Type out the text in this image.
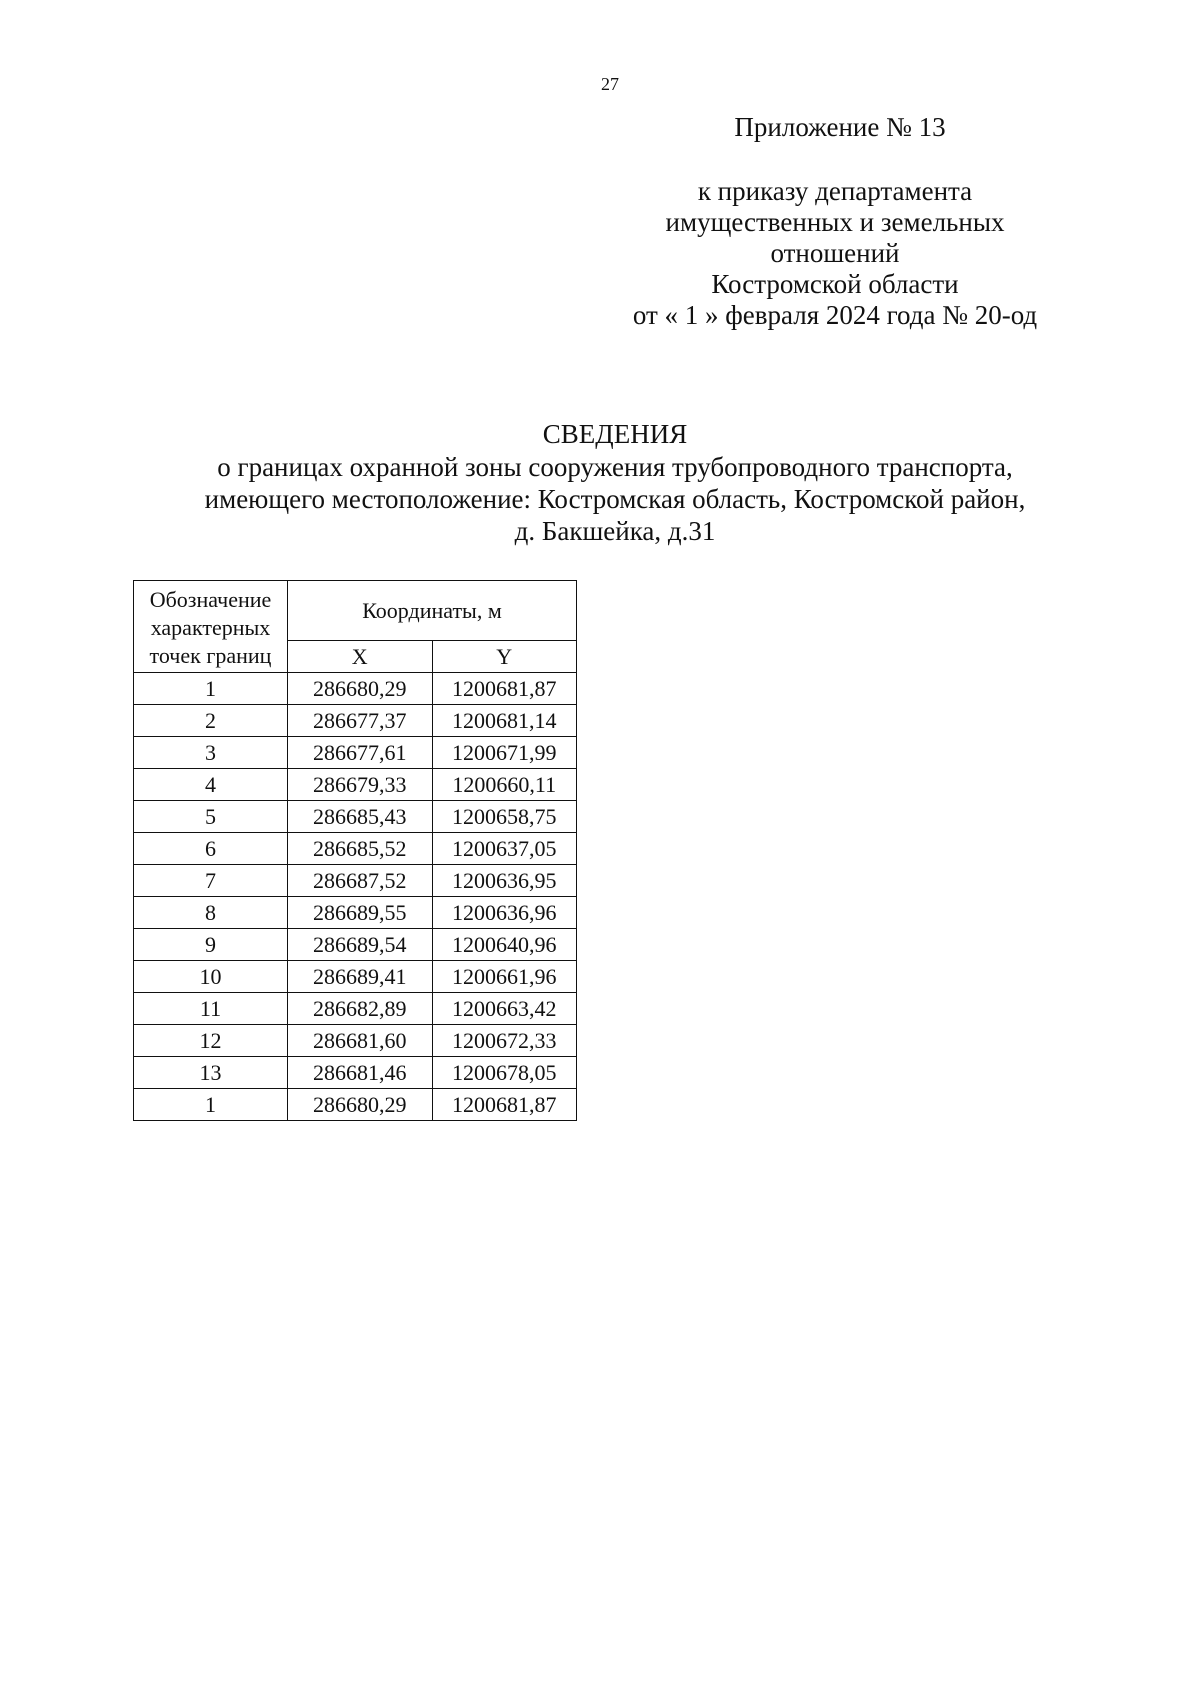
27
Приложение № 13
к приказу департамента
имущественных и земельных
отношений
Костромской области
от « 1 » февраля 2024 года № 20-од
СВЕДЕНИЯ
о границах охранной зоны сооружения трубопроводного транспорта,
имеющего местоположение: Костромская область, Костромской район,
д. Бакшейка, д.31
Обозначение характерных точек границ	Координаты, м	
	X	Y
1	286680,29	1200681,87
2	286677,37	1200681,14
3	286677,61	1200671,99
4	286679,33	1200660,11
5	286685,43	1200658,75
6	286685,52	1200637,05
7	286687,52	1200636,95
8	286689,55	1200636,96
9	286689,54	1200640,96
10	286689,41	1200661,96
11	286682,89	1200663,42
12	286681,60	1200672,33
13	286681,46	1200678,05
1	286680,29	1200681,87
